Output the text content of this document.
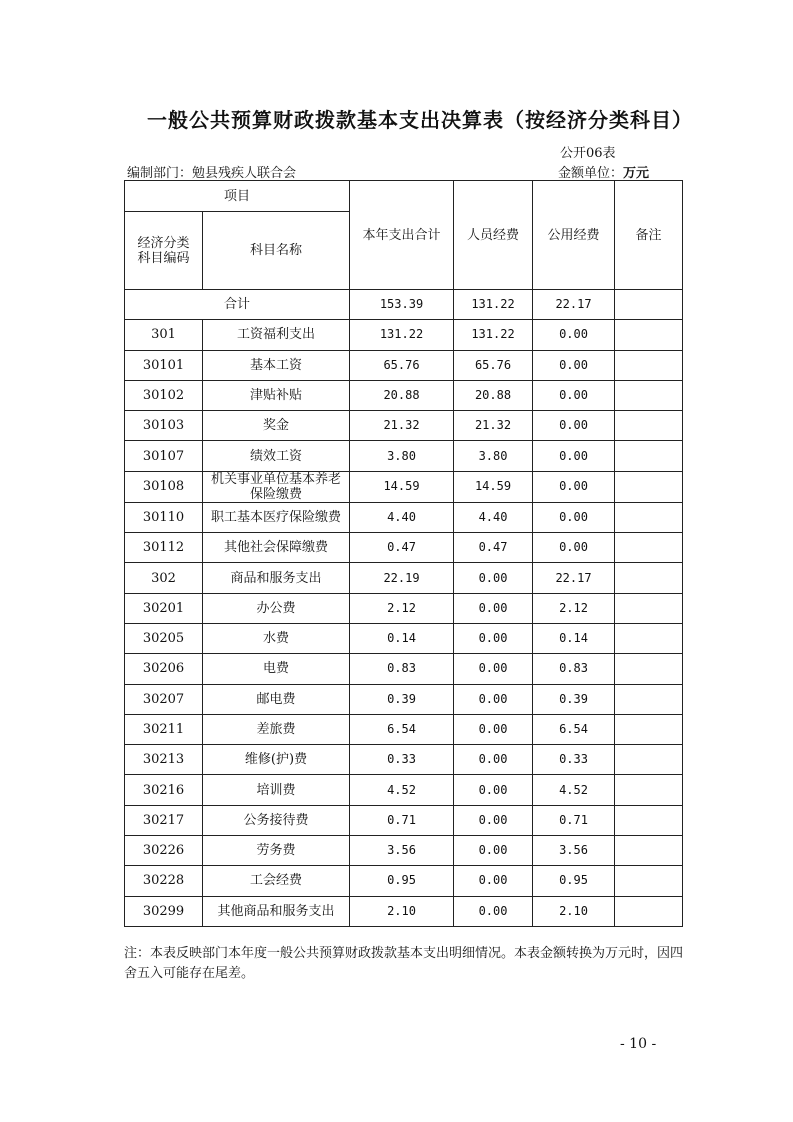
一般公共预算财政拨款基本支出决算表（按经济分类科目）
公开06表
编制部门：勉县残疾人联合会	金额单位：万元
项目		本年支出合计	人员经费	公用经费	备注
经济分类
科目编码	科目名称				
合计		153.39	131.22	22.17	
301	工资福利支出	131.22	131.22	0.00	
30101	基本工资	65.76	65.76	0.00	
30102	津贴补贴	20.88	20.88	0.00	
30103	奖金	21.32	21.32	0.00	
30107	绩效工资	3.80	3.80	0.00	
30108	机关事业单位基本养老保险缴费	14.59	14.59	0.00	
30110	职工基本医疗保险缴费	4.40	4.40	0.00	
30112	其他社会保障缴费	0.47	0.47	0.00	
302	商品和服务支出	22.19	0.00	22.17	
30201	办公费	2.12	0.00	2.12	
30205	水费	0.14	0.00	0.14	
30206	电费	0.83	0.00	0.83	
30207	邮电费	0.39	0.00	0.39	
30211	差旅费	6.54	0.00	6.54	
30213	维修(护)费	0.33	0.00	0.33	
30216	培训费	4.52	0.00	4.52	
30217	公务接待费	0.71	0.00	0.71	
30226	劳务费	3.56	0.00	3.56	
30228	工会经费	0.95	0.00	0.95	
30299	其他商品和服务支出	2.10	0.00	2.10	
注：本表反映部门本年度一般公共预算财政拨款基本支出明细情况。本表金额转换为万元时，因四舍五入可能存在尾差。
- 10 -
